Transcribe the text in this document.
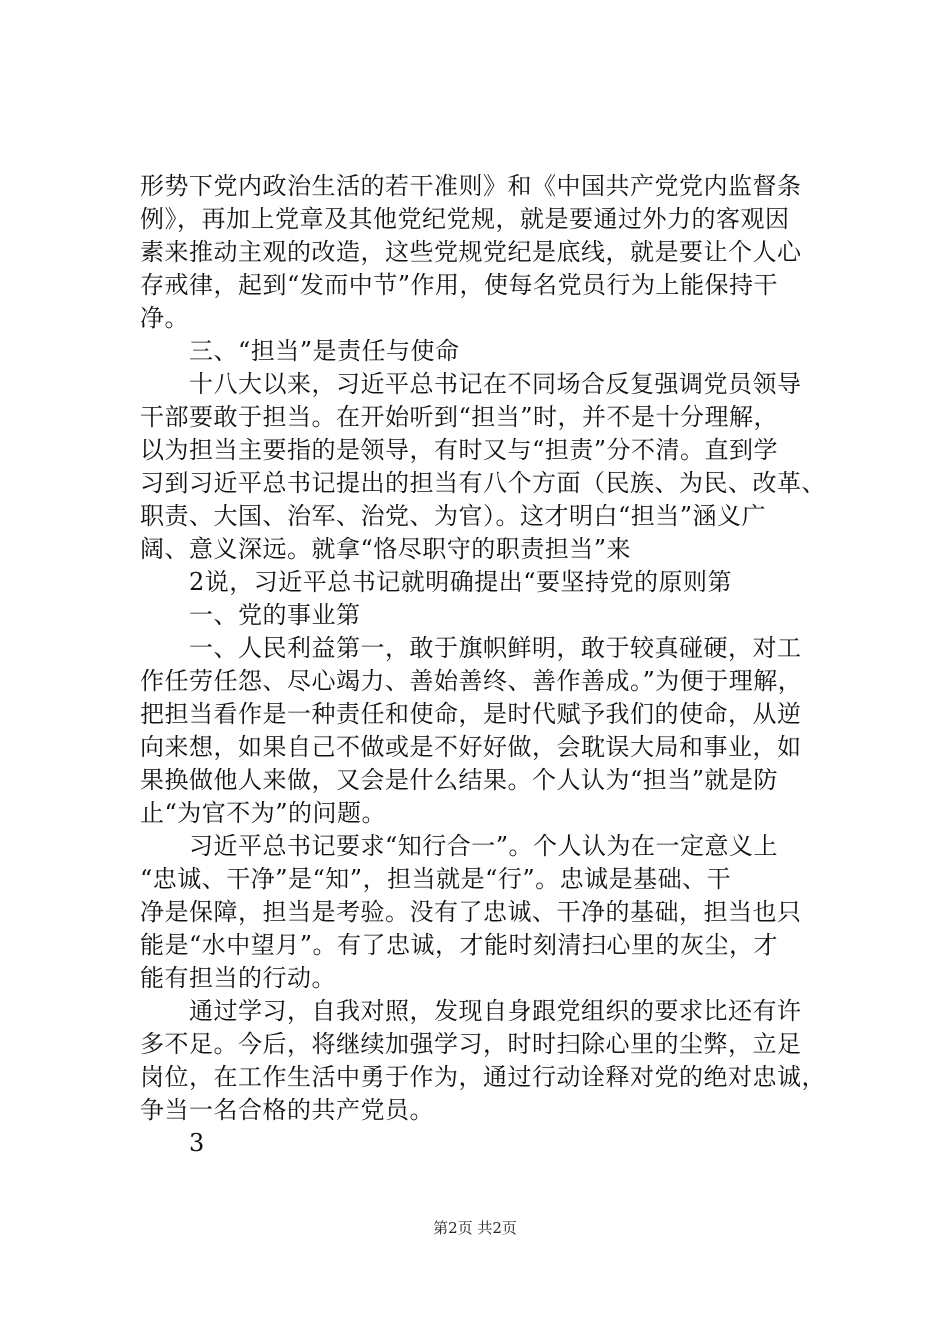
形势下党内政治生活的若干准则》和《中国共产党党内监督条
例》，再加上党章及其他党纪党规，就是要通过外力的客观因
素来推动主观的改造，这些党规党纪是底线，就是要让个人心
存戒律，起到“发而中节”作用，使每名党员行为上能保持干
净。
　　三、“担当”是责任与使命
　　十八大以来，习近平总书记在不同场合反复强调党员领导
干部要敢于担当。在开始听到“担当”时，并不是十分理解，
以为担当主要指的是领导，有时又与“担责”分不清。直到学
习到习近平总书记提出的担当有八个方面（民族、为民、改革、
职责、大国、治军、治党、为官）。这才明白“担当”涵义广
阔、意义深远。就拿“恪尽职守的职责担当”来
　　2说，习近平总书记就明确提出“要坚持党的原则第
　　一、党的事业第
　　一、人民利益第一，敢于旗帜鲜明，敢于较真碰硬，对工
作任劳任怨、尽心竭力、善始善终、善作善成。”为便于理解，
把担当看作是一种责任和使命，是时代赋予我们的使命，从逆
向来想，如果自己不做或是不好好做，会耽误大局和事业，如
果换做他人来做，又会是什么结果。个人认为“担当”就是防
止“为官不为”的问题。
　　习近平总书记要求“知行合一”。个人认为在一定意义上
“忠诚、干净”是“知”，担当就是“行”。忠诚是基础、干
净是保障，担当是考验。没有了忠诚、干净的基础，担当也只
能是“水中望月”。有了忠诚，才能时刻清扫心里的灰尘，才
能有担当的行动。
　　通过学习，自我对照，发现自身跟党组织的要求比还有许
多不足。今后，将继续加强学习，时时扫除心里的尘弊，立足
岗位，在工作生活中勇于作为，通过行动诠释对党的绝对忠诚，
争当一名合格的共产党员。
　　3
第2页 共2页
